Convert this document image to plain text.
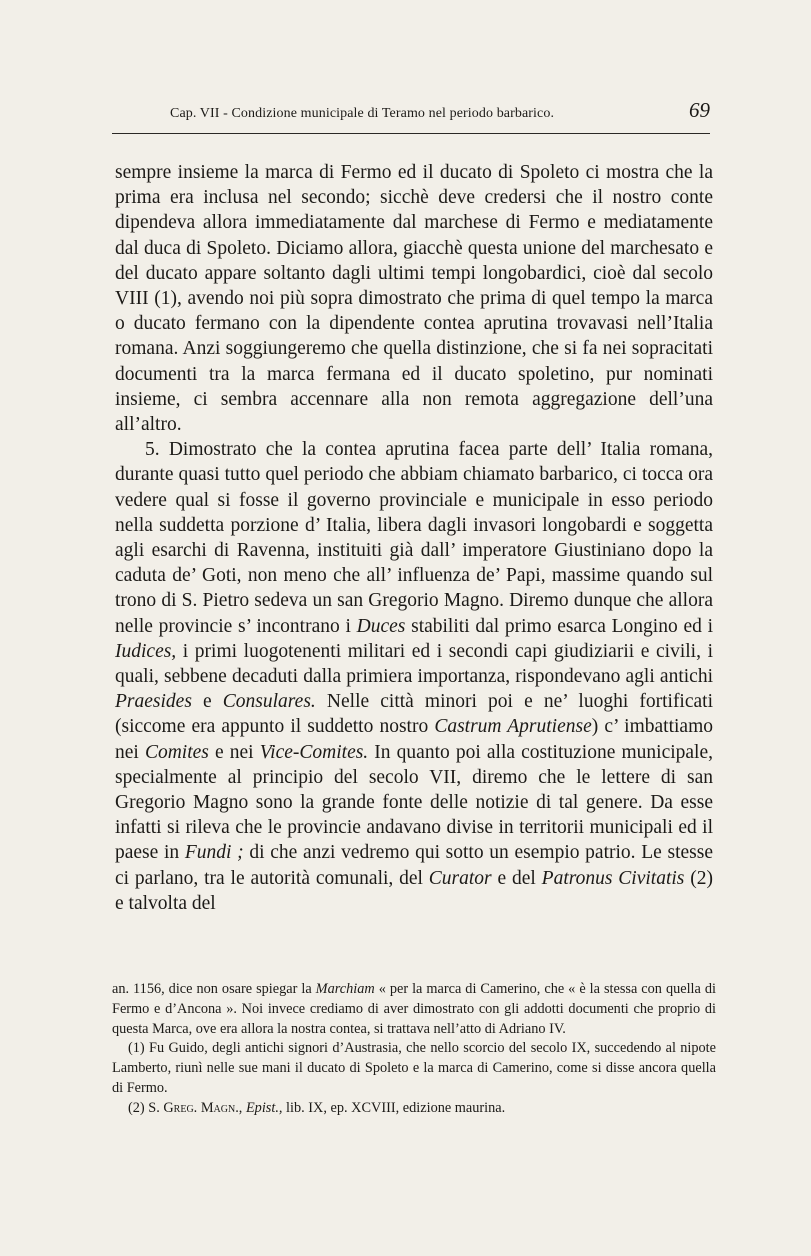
Cap. VII - Condizione municipale di Teramo nel periodo barbarico.	69

sempre insieme la marca di Fermo ed il ducato di Spoleto ci mostra che la prima era inclusa nel secondo; sicchè deve credersi che il nostro conte dipendeva allora immediatamente dal marchese di Fermo e mediatamente dal duca di Spoleto. Diciamo allora, giacchè questa unione del marchesato e del ducato appare soltanto dagli ultimi tempi longobardici, cioè dal secolo VIII (1), avendo noi più sopra dimostrato che prima di quel tempo la marca o ducato fermano con la dipendente contea aprutina trovavasi nell’Italia romana. Anzi soggiungeremo che quella distinzione, che si fa nei sopracitati documenti tra la marca fermana ed il ducato spoletino, pur nominati insieme, ci sembra accennare alla non remota aggregazione dell’una all’altro.

5. Dimostrato che la contea aprutina facea parte dell’ Italia romana, durante quasi tutto quel periodo che abbiam chiamato barbarico, ci tocca ora vedere qual si fosse il governo provinciale e municipale in esso periodo nella suddetta porzione d’ Italia, libera dagli invasori longobardi e soggetta agli esarchi di Ravenna, instituiti già dall’ imperatore Giustiniano dopo la caduta de’ Goti, non meno che all’ influenza de’ Papi, massime quando sul trono di S. Pietro sedeva un san Gregorio Magno. Diremo dunque che allora nelle provincie s’ incontrano i Duces stabiliti dal primo esarca Longino ed i Iudices, i primi luogotenenti militari ed i secondi capi giudiziarii e civili, i quali, sebbene decaduti dalla primiera importanza, rispondevano agli antichi Praesides e Consulares. Nelle città minori poi e ne’ luoghi fortificati (siccome era appunto il suddetto nostro Castrum Aprutiense) c’ imbattiamo nei Comites e nei Vice-Comites. In quanto poi alla costituzione municipale, specialmente al principio del secolo VII, diremo che le lettere di san Gregorio Magno sono la grande fonte delle notizie di tal genere. Da esse infatti si rileva che le provincie andavano divise in territorii municipali ed il paese in Fundi ; di che anzi vedremo qui sotto un esempio patrio. Le stesse ci parlano, tra le autorità comunali, del Curator e del Patronus Civitatis (2) e talvolta del

an. 1156, dice non osare spiegar la Marchiam « per la marca di Camerino, che « è la stessa con quella di Fermo e d’Ancona ». Noi invece crediamo di aver dimostrato con gli addotti documenti che proprio di questa Marca, ove era allora la nostra contea, si trattava nell’atto di Adriano IV.

(1) Fu Guido, degli antichi signori d’Austrasia, che nello scorcio del secolo IX, succedendo al nipote Lamberto, riunì nelle sue mani il ducato di Spoleto e la marca di Camerino, come si disse ancora quella di Fermo.

(2) S. Greg. Magn., Epist., lib. IX, ep. XCVIII, edizione maurina.
